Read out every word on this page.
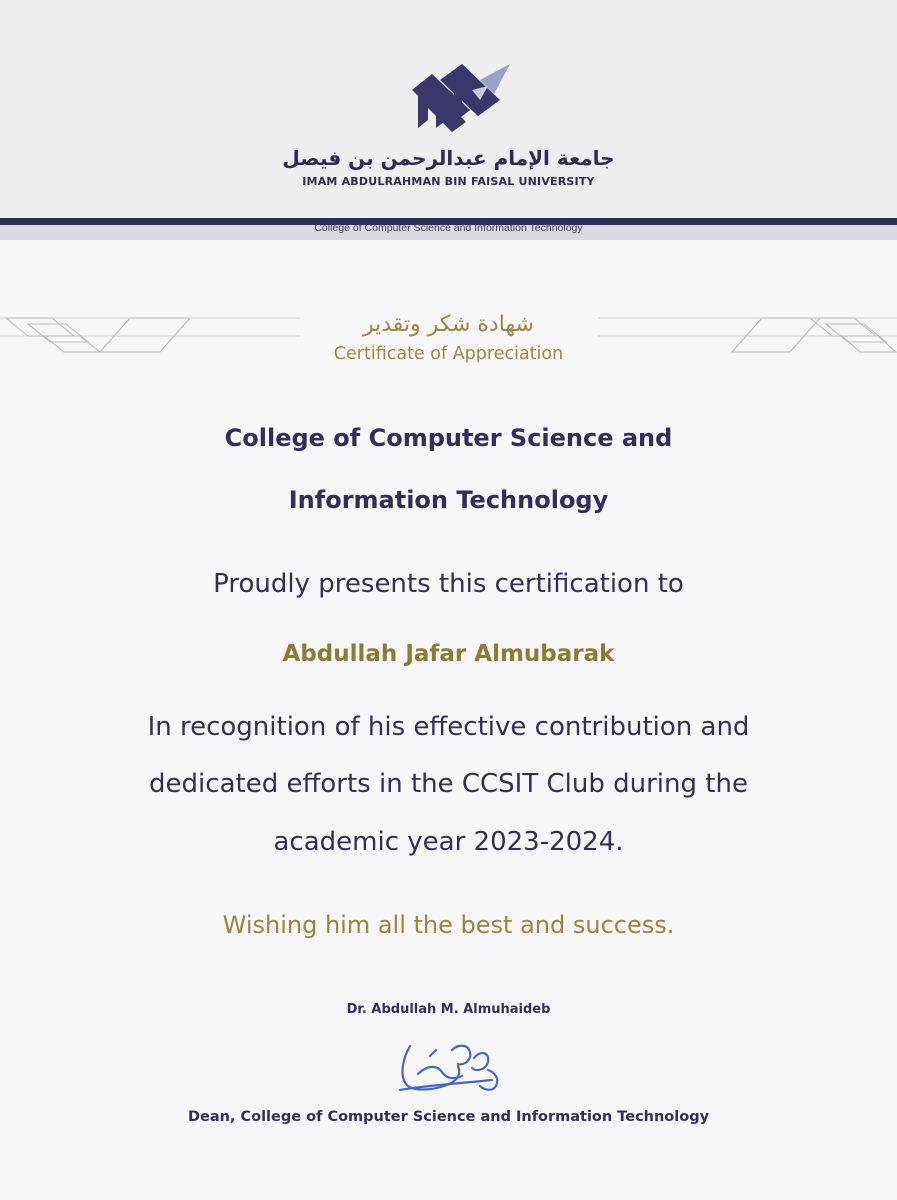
جامعة الإمام عبدالرحمن بن فيصل
IMAM ABDULRAHMAN BIN FAISAL UNIVERSITY
College of Computer Science and Information Technology
شهادة شكر وتقدير
Certificate of Appreciation
College of Computer Science and
Information Technology
Proudly presents this certification to
Abdullah Jafar Almubarak
In recognition of his effective contribution and
dedicated efforts in the CCSIT Club during the
academic year 2023-2024.
Wishing him all the best and success.
Dr. Abdullah M. Almuhaideb
Dean, College of Computer Science and Information Technology
